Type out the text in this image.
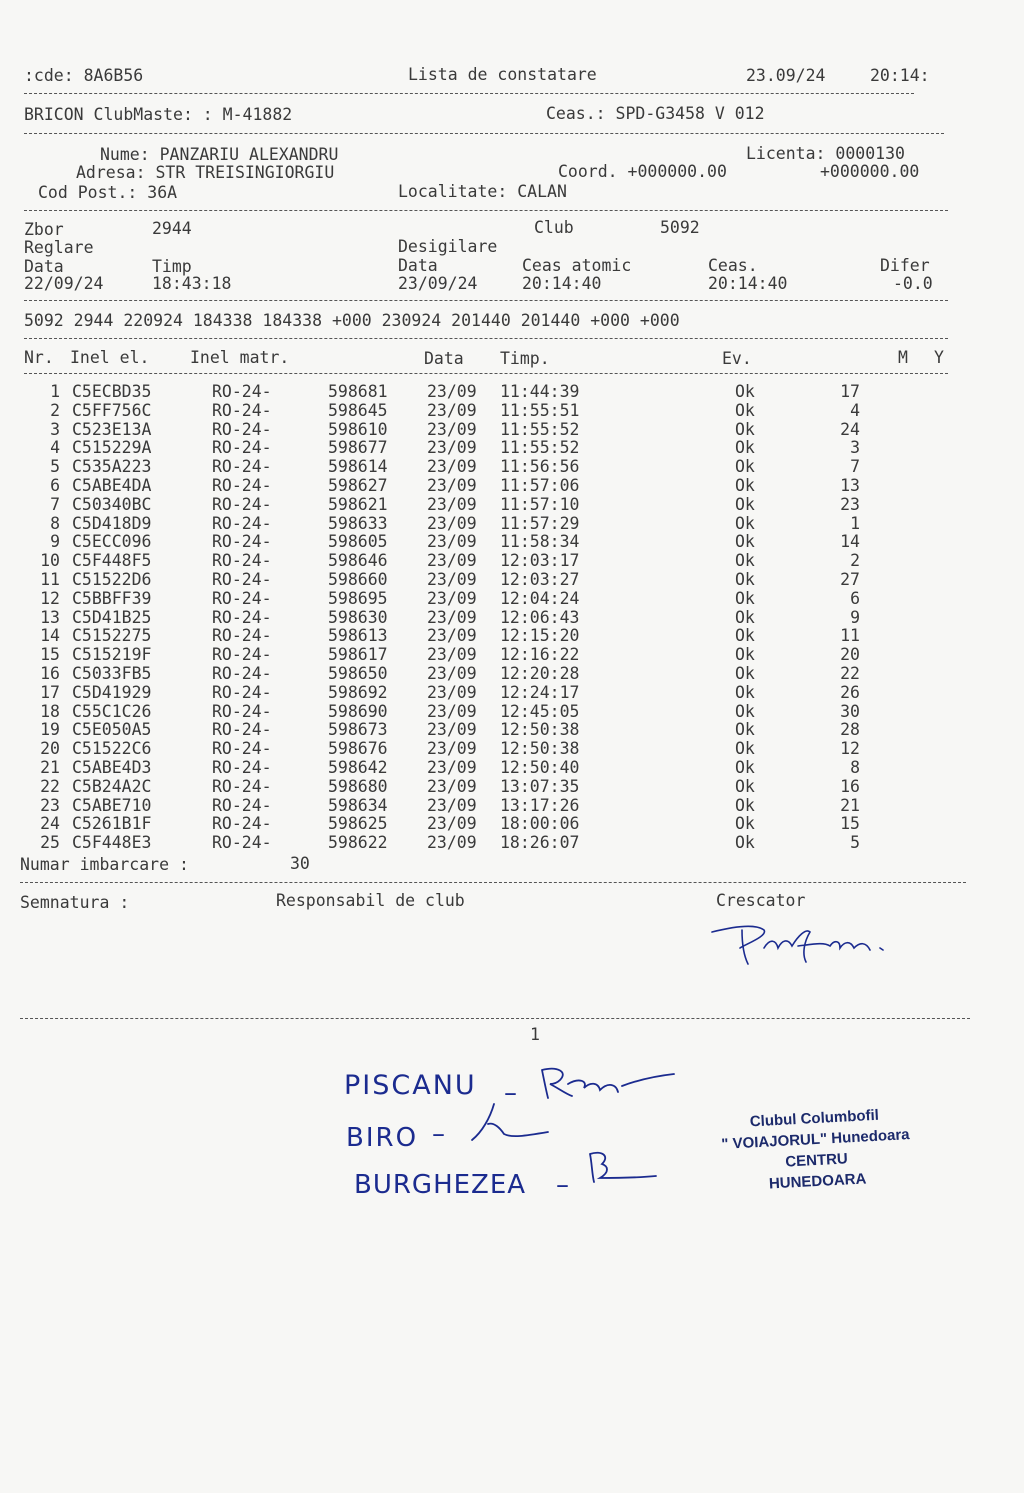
:cde: 8A6B56	Lista de constatare	23.09/24	20:14:
BRICON ClubMaste: : M-41882	Ceas.: SPD-G3458 V 012
Nume: PANZARIU ALEXANDRU	Licenta: 0000130
Adresa: STR TREISINGIORGIU	Coord. +000000.00	+000000.00
Cod Post.: 36A	Localitate: CALAN
Zbor	2944	Club	5092
Reglare	Desigilare
Data	Timp	Data	Ceas atomic	Ceas.	Difer
22/09/24	18:43:18	23/09/24	20:14:40	20:14:40	-0.0
5092 2944 220924 184338 184338 +000 230924 201440 201440 +000 +000
Nr. Inel el. Inel matr.	Data Timp.	Ev.	M Y
1 C5ECBD35	RO-24-	598681 23/09 11:44:39	Ok	17
2 C5FF756C	RO-24-	598645 23/09 11:55:51	Ok	4
3 C523E13A	RO-24-	598610 23/09 11:55:52	Ok	24
4 C515229A	RO-24-	598677 23/09 11:55:52	Ok	3
5 C535A223	RO-24-	598614 23/09 11:56:56	Ok	7
6 C5ABE4DA	RO-24-	598627 23/09 11:57:06	Ok	13
7 C50340BC	RO-24-	598621 23/09 11:57:10	Ok	23
8 C5D418D9	RO-24-	598633 23/09 11:57:29	Ok	1
9 C5ECC096	RO-24-	598605 23/09 11:58:34	Ok	14
10 C5F448F5	RO-24-	598646 23/09 12:03:17	Ok	2
11 C51522D6	RO-24-	598660 23/09 12:03:27	Ok	27
12 C5BBFF39	RO-24-	598695 23/09 12:04:24	Ok	6
13 C5D41B25	RO-24-	598630 23/09 12:06:43	Ok	9
14 C5152275	RO-24-	598613 23/09 12:15:20	Ok	11
15 C515219F	RO-24-	598617 23/09 12:16:22	Ok	20
16 C5033FB5	RO-24-	598650 23/09 12:20:28	Ok	22
17 C5D41929	RO-24-	598692 23/09 12:24:17	Ok	26
18 C55C1C26	RO-24-	598690 23/09 12:45:05	Ok	30
19 C5E050A5	RO-24-	598673 23/09 12:50:38	Ok	28
20 C51522C6	RO-24-	598676 23/09 12:50:38	Ok	12
21 C5ABE4D3	RO-24-	598642 23/09 12:50:40	Ok	8
22 C5B24A2C	RO-24-	598680 23/09 13:07:35	Ok	16
23 C5ABE710	RO-24-	598634 23/09 13:17:26	Ok	21
24 C5261B1F	RO-24-	598625 23/09 18:00:06	Ok	15
25 C5F448E3	RO-24-	598622 23/09 18:26:07	Ok	5
Numar imbarcare :	30
Semnatura :	Responsabil de club	Crescator
1
PISCANU –
BIRO –
BURGHEZEA –
Clubul Columbofil
" VOIAJORUL" Hunedoara
CENTRU
HUNEDOARA
